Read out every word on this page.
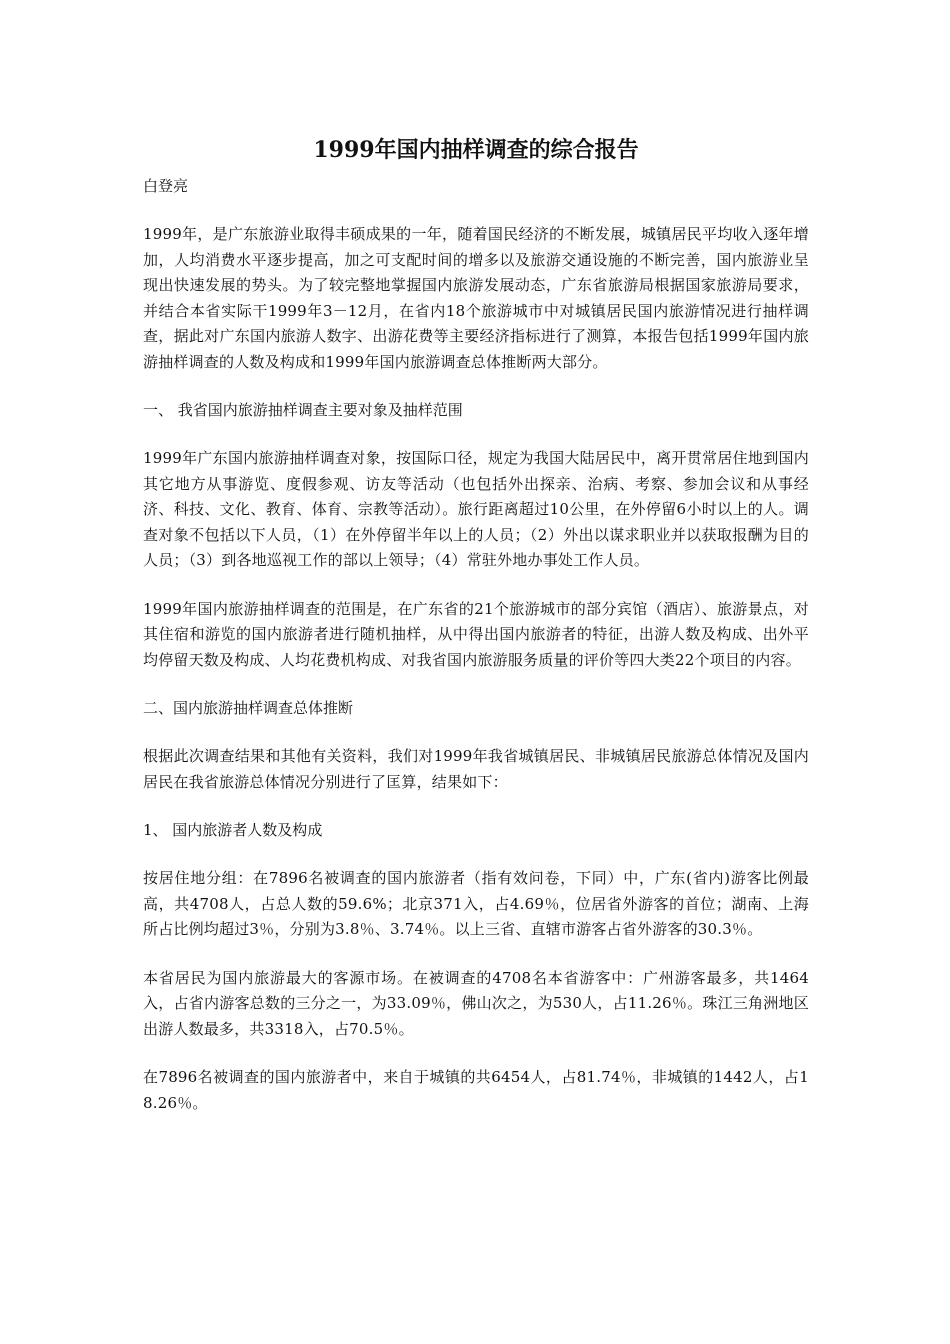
1999年国内抽样调查的综合报告
白登亮
1999年，是广东旅游业取得丰硕成果的一年，随着国民经济的不断发展，城镇居民平均收入逐年增加，人均消费水平逐步提高，加之可支配时间的增多以及旅游交通设施的不断完善，国内旅游业呈现出快速发展的势头。为了较完整地掌握国内旅游发展动态，广东省旅游局根据国家旅游局要求，并结合本省实际干1999年3－12月，在省内18个旅游城市中对城镇居民国内旅游情况进行抽样调查，据此对广东国内旅游人数字、出游花费等主要经济指标进行了测算，本报告包括1999年国内旅游抽样调查的人数及构成和1999年国内旅游调查总体推断两大部分。
一、 我省国内旅游抽样调查主要对象及抽样范围
1999年广东国内旅游抽样调查对象，按国际口径，规定为我国大陆居民中，离开贯常居住地到国内其它地方从事游览、度假参观、访友等活动（也包括外出探亲、治病、考察、参加会议和从事经济、科技、文化、教育、体育、宗教等活动）。旅行距离超过10公里，在外停留6小时以上的人。调查对象不包括以下人员，（1）在外停留半年以上的人员；（2）外出以谋求职业并以获取报酬为目的人员；（3）到各地巡视工作的部以上领导；（4）常驻外地办事处工作人员。
1999年国内旅游抽样调查的范围是，在广东省的21个旅游城市的部分宾馆（酒店）、旅游景点，对其住宿和游览的国内旅游者进行随机抽样，从中得出国内旅游者的特征，出游人数及构成、出外平均停留天数及构成、人均花费机构成、对我省国内旅游服务质量的评价等四大类22个项目的内容。
二、国内旅游抽样调查总体推断
根据此次调查结果和其他有关资料，我们对1999年我省城镇居民、非城镇居民旅游总体情况及国内居民在我省旅游总体情况分别进行了匡算，结果如下：
1、 国内旅游者人数及构成
按居住地分组：在7896名被调查的国内旅游者（指有效问卷，下同）中，广东(省内)游客比例最高，共4708人，占总人数的59.6%；北京371入，占4.69％，位居省外游客的首位；湖南、上海所占比例均超过3％，分别为3.8％、3.74％。以上三省、直辖市游客占省外游客的30.3％。
本省居民为国内旅游最大的客源市场。在被调查的4708名本省游客中：广州游客最多，共1464入，占省内游客总数的三分之一，为33.09％，佛山次之，为530人，占11.26％。珠江三角洲地区出游人数最多，共3318入，占70.5％。
在7896名被调查的国内旅游者中，来自于城镇的共6454人，占81.74％，非城镇的1442人，占18.26％。
